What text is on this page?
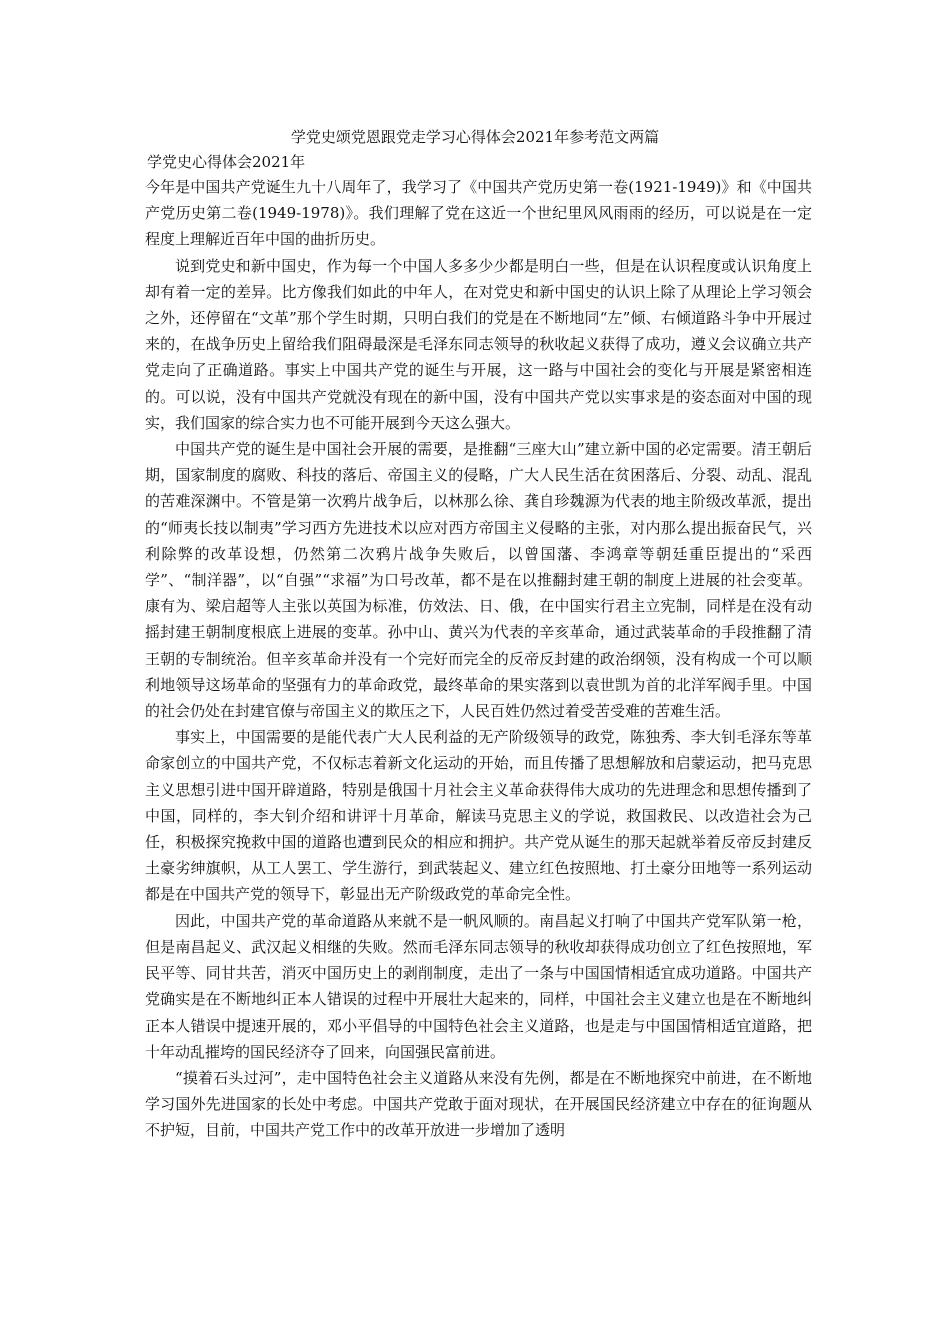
学党史颂党恩跟党走学习心得体会2021年参考范文两篇
学党史心得体会2021年

今年是中国共产党诞生九十八周年了，我学习了《中国共产党历史第一卷(1921-1949)》和《中国共产党历史第二卷(1949-1978)》。我们理解了党在这近一个世纪里风风雨雨的经历，可以说是在一定程度上理解近百年中国的曲折历史。

说到党史和新中国史，作为每一个中国人多多少少都是明白一些，但是在认识程度或认识角度上却有着一定的差异。比方像我们如此的中年人，在对党史和新中国史的认识上除了从理论上学习领会之外，还停留在“文革”那个学生时期，只明白我们的党是在不断地同“左”倾、右倾道路斗争中开展过来的，在战争历史上留给我们阻碍最深是毛泽东同志领导的秋收起义获得了成功，遵义会议确立共产党走向了正确道路。事实上中国共产党的诞生与开展，这一路与中国社会的变化与开展是紧密相连的。可以说，没有中国共产党就没有现在的新中国，没有中国共产党以实事求是的姿态面对中国的现实，我们国家的综合实力也不可能开展到今天这么强大。

中国共产党的诞生是中国社会开展的需要，是推翻“三座大山”建立新中国的必定需要。清王朝后期，国家制度的腐败、科技的落后、帝国主义的侵略，广大人民生活在贫困落后、分裂、动乱、混乱的苦难深渊中。不管是第一次鸦片战争后，以林那么徐、龚自珍魏源为代表的地主阶级改革派，提出的“师夷长技以制夷”学习西方先进技术以应对西方帝国主义侵略的主张，对内那么提出振奋民气，兴利除弊的改革设想，仍然第二次鸦片战争失败后，以曾国藩、李鸿章等朝廷重臣提出的“采西学”、“制洋器”，以“自强”“求福”为口号改革，都不是在以推翻封建王朝的制度上进展的社会变革。康有为、梁启超等人主张以英国为标准，仿效法、日、俄，在中国实行君主立宪制，同样是在没有动摇封建王朝制度根底上进展的变革。孙中山、黄兴为代表的辛亥革命，通过武装革命的手段推翻了清王朝的专制统治。但辛亥革命并没有一个完好而完全的反帝反封建的政治纲领，没有构成一个可以顺利地领导这场革命的坚强有力的革命政党，最终革命的果实落到以袁世凯为首的北洋军阀手里。中国的社会仍处在封建官僚与帝国主义的欺压之下，人民百姓仍然过着受苦受难的苦难生活。

事实上，中国需要的是能代表广大人民利益的无产阶级领导的政党，陈独秀、李大钊毛泽东等革命家创立的中国共产党，不仅标志着新文化运动的开始，而且传播了思想解放和启蒙运动，把马克思主义思想引进中国开辟道路，特别是俄国十月社会主义革命获得伟大成功的先进理念和思想传播到了中国，同样的，李大钊介绍和讲评十月革命，解读马克思主义的学说，救国救民、以改造社会为己任，积极探究挽救中国的道路也遭到民众的相应和拥护。共产党从诞生的那天起就举着反帝反封建反土豪劣绅旗帜，从工人罢工、学生游行，到武装起义、建立红色按照地、打土豪分田地等一系列运动都是在中国共产党的领导下，彰显出无产阶级政党的革命完全性。

因此，中国共产党的革命道路从来就不是一帆风顺的。南昌起义打响了中国共产党军队第一枪，但是南昌起义、武汉起义相继的失败。然而毛泽东同志领导的秋收却获得成功创立了红色按照地，军民平等、同甘共苦，消灭中国历史上的剥削制度，走出了一条与中国国情相适宜成功道路。中国共产党确实是在不断地纠正本人错误的过程中开展壮大起来的，同样，中国社会主义建立也是在不断地纠正本人错误中提速开展的，邓小平倡导的中国特色社会主义道路，也是走与中国国情相适宜道路，把十年动乱摧垮的国民经济夺了回来，向国强民富前进。

“摸着石头过河”，走中国特色社会主义道路从来没有先例，都是在不断地探究中前进，在不断地学习国外先进国家的长处中考虑。中国共产党敢于面对现状，在开展国民经济建立中存在的征询题从不护短，目前，中国共产党工作中的改革开放进一步增加了透明
